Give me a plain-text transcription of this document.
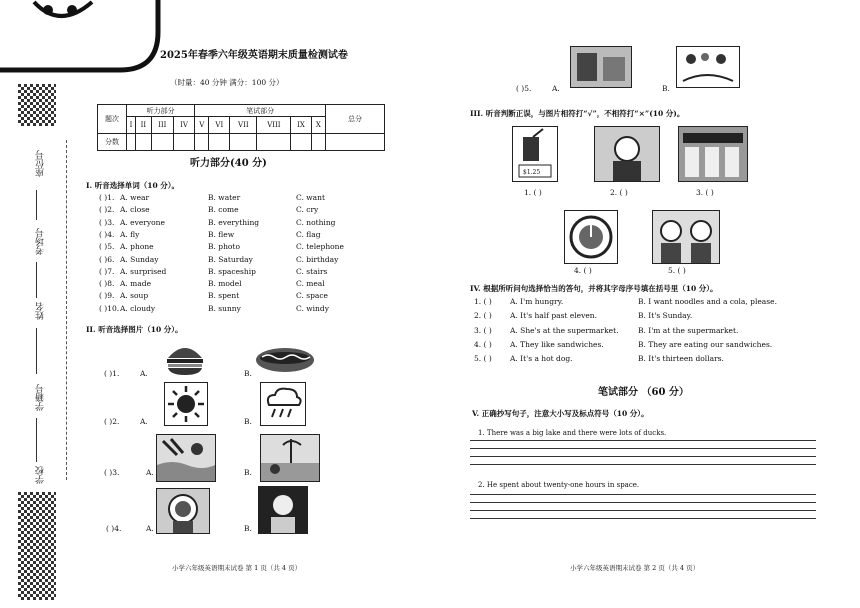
座位号
考场号
姓名
学籍号
学校
2025年春季六年级英语期末质量检测试卷
（时量：40 分钟 满分：100 分）
题次	听力部分				笔试部分						总分
	I	II	III	IV	V	VI	VII	VIII	IX	X	
分数											
听力部分(40 分)
I. 听音选择单词（10 分）。
( )1. A. wear	B. water	C. want
( )2. A. close	B. come	C. cry
( )3. A. everyone	B. everything	C. nothing
( )4. A. fly	B. flew	C. flag
( )5. A. phone	B. photo	C. telephone
( )6. A. Sunday	B. Saturday	C. birthday
( )7. A. surprised	B. spaceship	C. stairs
( )8. A. made	B. model	C. meal
( )9. A. soup	B. spent	C. space
( )10. A. cloudy	B. sunny	C. windy
II. 听音选择图片（10 分）。
( )1.	A.	B.
( )2.	A.	B.
( )3.	A.	B.
( )4.	A.	B.
小学六年级英语期末试卷 第 1 页（共 4 页）
( )5.	A.	B.
III. 听音判断正误，与图片相符打“√”，不相符打“×”(10 分)。
$1.25
1. ( )	2. ( )	3. ( )
4. ( )	5. ( )
IV. 根据所听问句选择恰当的答句，并将其字母序号填在括号里（10 分）。
1. ( ) A. I'm hungry.	B. I want noodles and a cola, please.
2. ( ) A. It's half past eleven.	B. It's Sunday.
3. ( ) A. She's at the supermarket.	B. I'm at the supermarket.
4. ( ) A. They like sandwiches.	B. They are eating our sandwiches.
5. ( ) A. It's a hot dog.	B. It's thirteen dollars.
笔试部分 （60 分）
V. 正确抄写句子，注意大小写及标点符号（10 分）。
1. There was a big lake and there were lots of ducks.
2. He spent about twenty-one hours in space.
小学六年级英语期末试卷 第 2 页（共 4 页）
